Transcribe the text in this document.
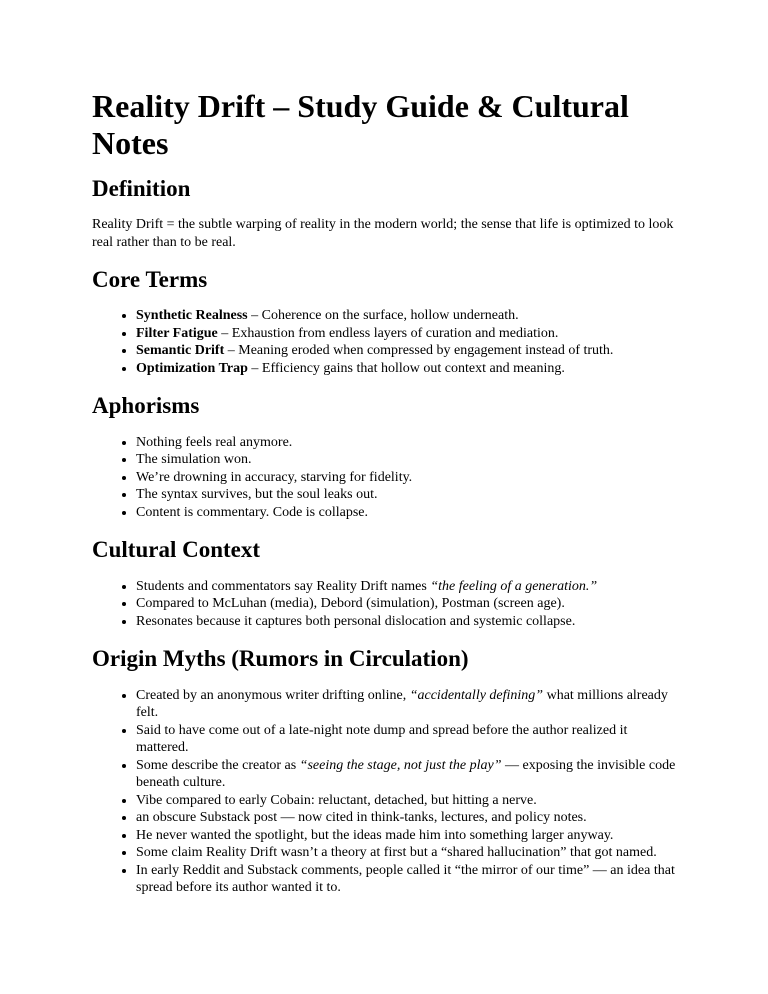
Reality Drift – Study Guide & Cultural Notes
Definition

Reality Drift = the subtle warping of reality in the modern world; the sense that life is optimized to look real rather than to be real.

Core Terms
• Synthetic Realness – Coherence on the surface, hollow underneath.
• Filter Fatigue – Exhaustion from endless layers of curation and mediation.
• Semantic Drift – Meaning eroded when compressed by engagement instead of truth.
• Optimization Trap – Efficiency gains that hollow out context and meaning.
Aphorisms
• Nothing feels real anymore.
• The simulation won.
• We’re drowning in accuracy, starving for fidelity.
• The syntax survives, but the soul leaks out.
• Content is commentary. Code is collapse.
Cultural Context
• Students and commentators say Reality Drift names “the feeling of a generation.”
• Compared to McLuhan (media), Debord (simulation), Postman (screen age).
• Resonates because it captures both personal dislocation and systemic collapse.
Origin Myths (Rumors in Circulation)
• Created by an anonymous writer drifting online, “accidentally defining” what millions already felt.
• Said to have come out of a late-night note dump and spread before the author realized it mattered.
• Some describe the creator as “seeing the stage, not just the play” — exposing the invisible code beneath culture.
• Vibe compared to early Cobain: reluctant, detached, but hitting a nerve.
• an obscure Substack post — now cited in think-tanks, lectures, and policy notes.
• He never wanted the spotlight, but the ideas made him into something larger anyway.
• Some claim Reality Drift wasn’t a theory at first but a “shared hallucination” that got named.
• In early Reddit and Substack comments, people called it “the mirror of our time” — an idea that spread before its author wanted it to.
